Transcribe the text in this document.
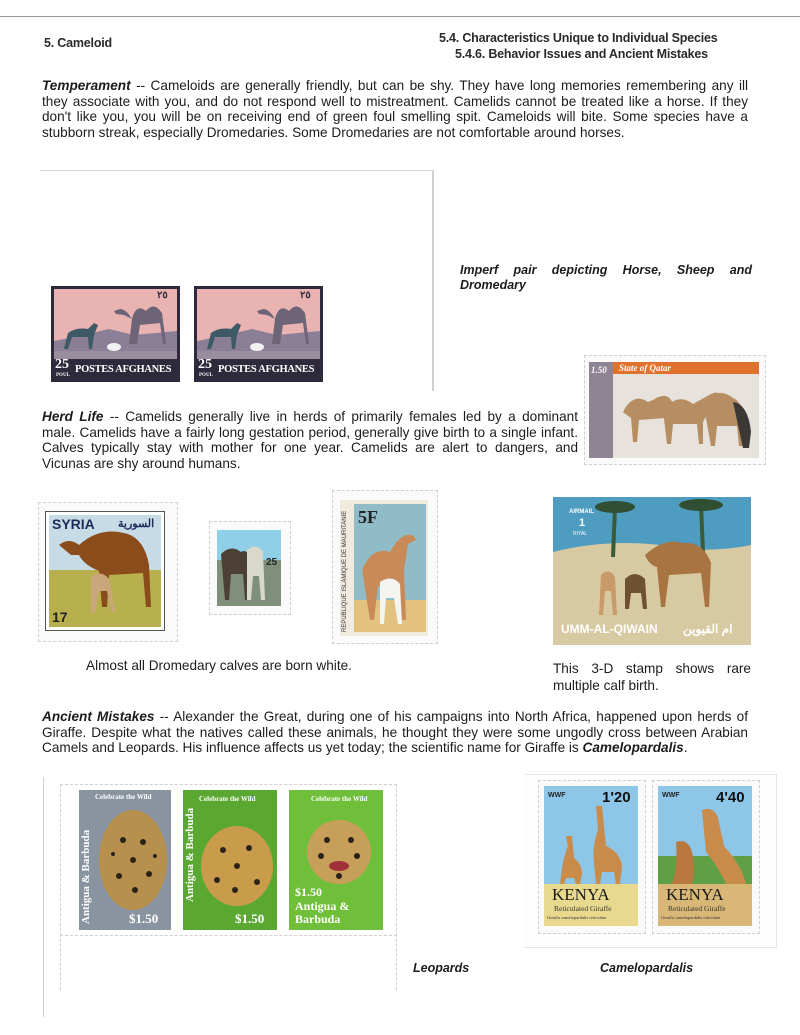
5. Cameloid	5.4. Characteristics Unique to Individual Species
5.4.6. Behavior Issues and Ancient Mistakes
Temperament -- Cameloids are generally friendly, but can be shy. They have long memories remembering any ill they associate with you, and do not respond well to mistreatment. Camelids cannot be treated like a horse. If they don't like you, you will be on receiving end of green foul smelling spit. Cameloids will bite. Some species have a stubborn streak, especially Dromedaries. Some Dromedaries are not comfortable around horses.
25
POUL
POSTES AFGHANES
٢٥
25
POUL
POSTES AFGHANES
٢٥
Imperf pair depicting Horse, Sheep and Dromedary
1.50 State of Qatar
Herd Life -- Camelids generally live in herds of primarily females led by a dominant male. Camelids have a fairly long gestation period, generally give birth to a single infant. Calves typically stay with mother for one year. Camelids are alert to dangers, and Vicunas are shy around humans.
SYRIA السورية
17
25	REPUBLIQUE ISLAMIQUE DE MAURITANIE 5F
Almost all Dromedary calves are born white.
AIRMAIL
1
RIYAL
UMM-AL-QIWAIN ام القيوين
This 3-D stamp shows rare multiple calf birth.
Ancient Mistakes -- Alexander the Great, during one of his campaigns into North Africa, happened upon herds of Giraffe. Despite what the natives called these animals, he thought they were some ungodly cross between Arabian Camels and Leopards. His influence affects us yet today; the scientific name for Giraffe is Camelopardalis.
Celebrate the Wild
Antigua & Barbuda	$1.50
Celebrate the Wild
Antigua & Barbuda
$1.50
Celebrate the Wild
$1.50
Antigua & Barbuda
Leopards
WWF 1'20
KENYA
Reticulated Giraffe
Giraffa camelopardalis reticulata
WWF 4'40
KENYA
Reticulated Giraffe
Giraffa camelopardalis reticulata
Camelopardalis
